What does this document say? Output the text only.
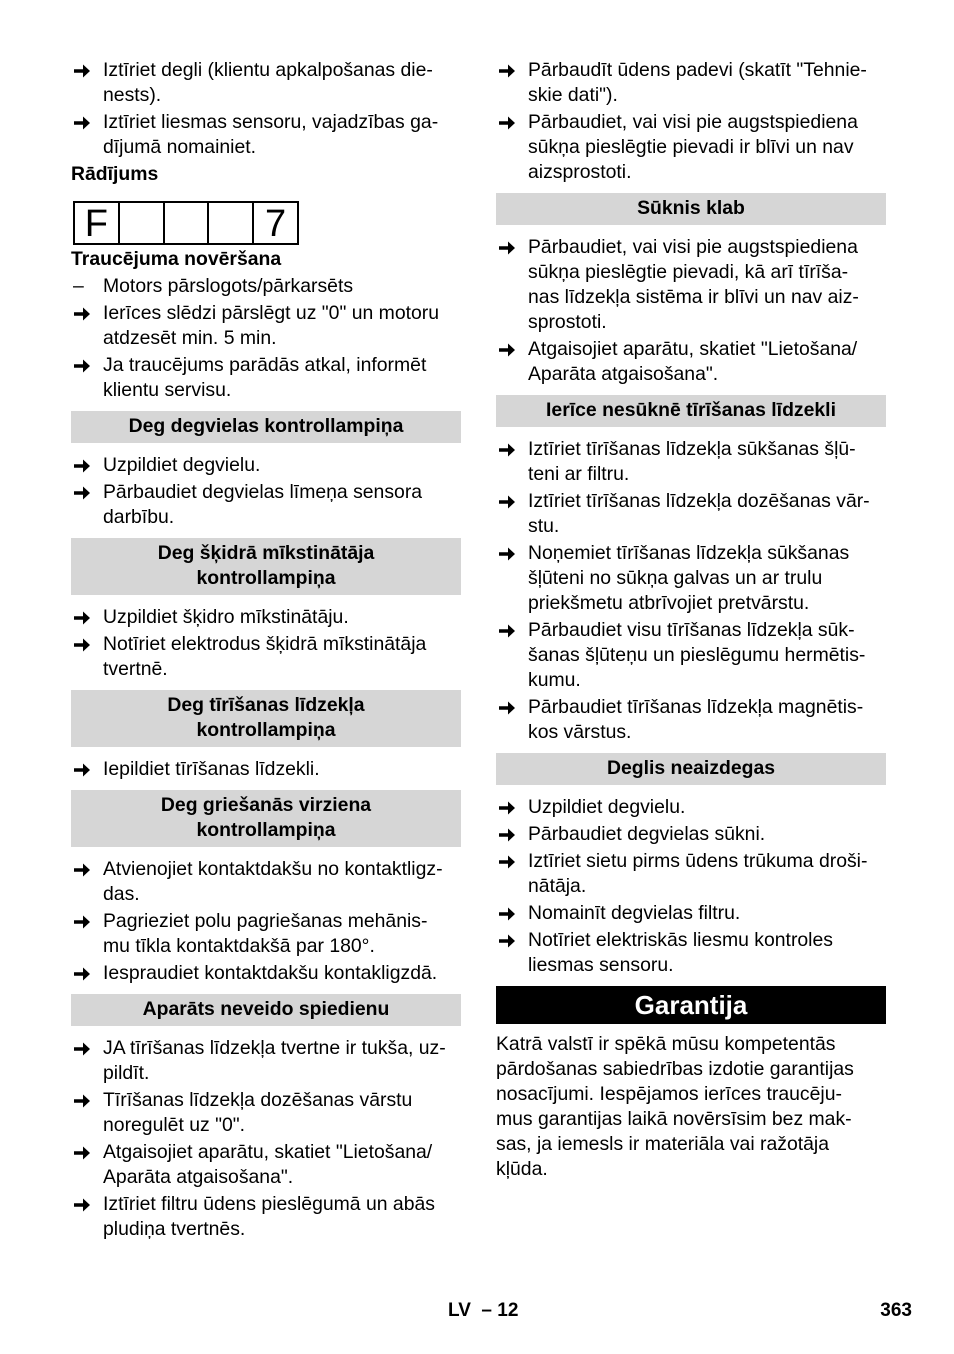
Iztīriet degli (klientu apkalpošanas die-
nests).
Iztīriet liesmas sensoru, vajadzības ga-
dījumā nomainiet.
Rādījums
F	7
Traucējuma novēršana
– Motors pārslogots/pārkarsēts
Ierīces slēdzi pārslēgt uz "0" un motoru
atdzesēt min. 5 min.
Ja traucējums parādās atkal, informēt
klientu servisu.
Deg degvielas kontrollampiņa
Uzpildiet degvielu.
Pārbaudiet degvielas līmeņa sensora
darbību.
Deg šķidrā mīkstinātāja
kontrollampiņa
Uzpildiet šķidro mīkstinātāju.
Notīriet elektrodus šķidrā mīkstinātāja
tvertnē.
Deg tīrīšanas līdzekļa
kontrollampiņa
Iepildiet tīrīšanas līdzekli.
Deg griešanās virziena
kontrollampiņa
Atvienojiet kontaktdakšu no kontaktligz-
das.
Pagrieziet polu pagriešanas mehānis-
mu tīkla kontaktdakšā par 180°.
Iespraudiet kontaktdakšu kontakligzdā.
Aparāts neveido spiedienu
JA tīrīšanas līdzekļa tvertne ir tukša, uz-
pildīt.
Tīrīšanas līdzekļa dozēšanas vārstu
noregulēt uz "0".
Atgaisojiet aparātu, skatiet "Lietošana/
Aparāta atgaisošana".
Iztīriet filtru ūdens pieslēgumā un abās
pludiņa tvertnēs.
Pārbaudīt ūdens padevi (skatīt "Tehnie-
skie dati").
Pārbaudiet, vai visi pie augstspiediena
sūkņa pieslēgtie pievadi ir blīvi un nav
aizsprostoti.
Sūknis klab
Pārbaudiet, vai visi pie augstspiediena
sūkņa pieslēgtie pievadi, kā arī tīrīša-
nas līdzekļa sistēma ir blīvi un nav aiz-
sprostoti.
Atgaisojiet aparātu, skatiet "Lietošana/
Aparāta atgaisošana".
Ierīce nesūknē tīrīšanas līdzekli
Iztīriet tīrīšanas līdzekļa sūkšanas šļū-
teni ar filtru.
Iztīriet tīrīšanas līdzekļa dozēšanas vār-
stu.
Noņemiet tīrīšanas līdzekļa sūkšanas
šļūteni no sūkņa galvas un ar trulu
priekšmetu atbrīvojiet pretvārstu.
Pārbaudiet visu tīrīšanas līdzekļa sūk-
šanas šļūteņu un pieslēgumu hermētis-
kumu.
Pārbaudiet tīrīšanas līdzekļa magnētis-
kos vārstus.
Deglis neaizdegas
Uzpildiet degvielu.
Pārbaudiet degvielas sūkni.
Iztīriet sietu pirms ūdens trūkuma droši-
nātāja.
Nomainīt degvielas filtru.
Notīriet elektriskās liesmu kontroles
liesmas sensoru.
Garantija
Katrā valstī ir spēkā mūsu kompetentās
pārdošanas sabiedrības izdotie garantijas
nosacījumi. Iespējamos ierīces traucēju-
mus garantijas laikā novērsīsim bez mak-
sas, ja iemesls ir materiāla vai ražotāja
kļūda.
LV  – 12	363
